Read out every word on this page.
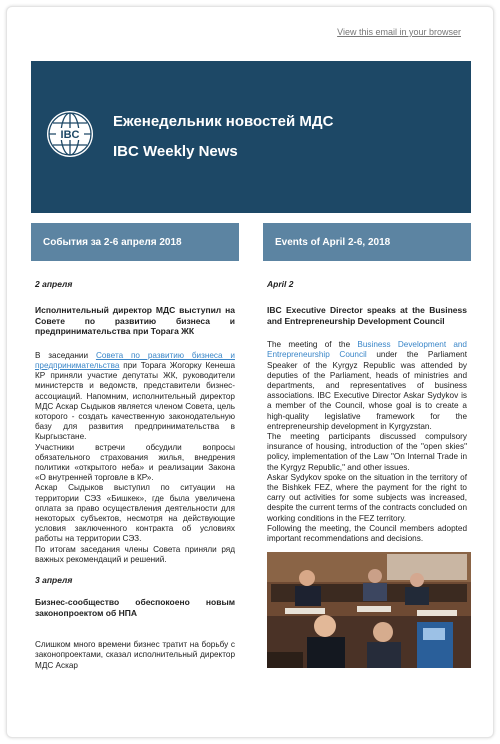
View this email in your browser
IBC
Еженедельник новостей МДС
IBC Weekly News
События за 2-6 апреля 2018
2 апреля
Исполнительный директор МДС выступил на Совете по развитию бизнеса и предпринимательства при Торага ЖК

В заседании Совета по развитию бизнеса и предпринимательства при Торага Жогорку Кенеша КР приняли участие депутаты ЖК, руководители министерств и ведомств, представители бизнес-ассоциаций. Напомним, исполнительный директор МДС Аскар Сыдыков является членом Совета, цель которого - создать качественную законодательную базу для развития предпринимательства в Кыргызстане.

Участники встречи обсудили вопросы обязательного страхования жилья, внедрения политики «открытого неба» и реализации Закона «О внутренней торговле в КР».

Аскар Сыдыков выступил по ситуации на территории СЭЗ «Бишкек», где была увеличена оплата за право осуществления деятельности для некоторых субъектов, несмотря на действующие условия заключенного контракта об условиях работы на территории СЭЗ.

По итогам заседания члены Совета приняли ряд важных рекомендаций и решений.

3 апреля
Бизнес-сообщество обеспокоено новым законопроектом об НПА

Слишком много времени бизнес тратит на борьбу с законопроектами, сказал исполнительный директор МДС Аскар

Events of April 2-6, 2018
April 2
IBC Executive Director speaks at the Business and Entrepreneurship Development Council

The meeting of the Business Development and Entrepreneurship Council under the Parliament Speaker of the Kyrgyz Republic was attended by deputies of the Parliament, heads of ministries and departments, and representatives of business associations. IBC Executive Director Askar Sydykov is a member of the Council, whose goal is to create a high-quality legislative framework for the entrepreneurship development in Kyrgyzstan.

The meeting participants discussed compulsory insurance of housing, introduction of the "open skies" policy, implementation of the Law "On Internal Trade in the Kyrgyz Republic," and other issues.

Askar Sydykov spoke on the situation in the territory of the Bishkek FEZ, where the payment for the right to carry out activities for some subjects was increased, despite the current terms of the contracts concluded on working conditions in the FEZ territory.

Following the meeting, the Council members adopted important recommendations and decisions.
